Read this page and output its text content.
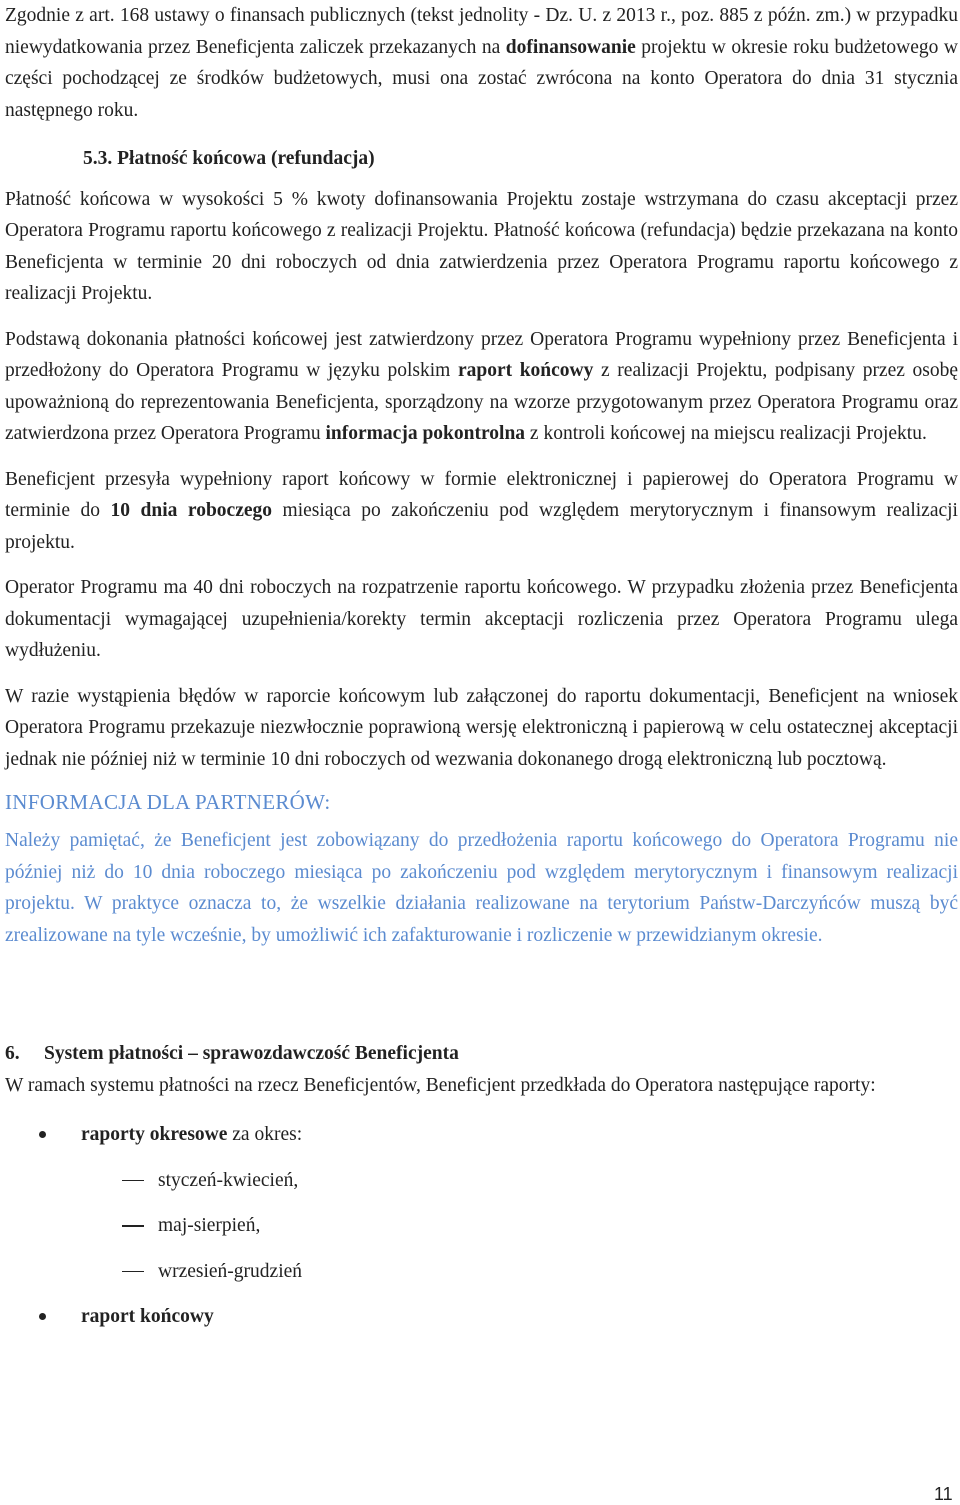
Zgodnie z art. 168 ustawy o finansach publicznych (tekst jednolity - Dz. U. z 2013 r., poz. 885 z późn. zm.) w przypadku niewydatkowania przez Beneficjenta zaliczek przekazanych na dofinansowanie projektu w okresie roku budżetowego w części pochodzącej ze środków budżetowych, musi ona zostać zwrócona na konto Operatora do dnia 31 stycznia następnego roku.

5.3. Płatność końcowa (refundacja)

Płatność końcowa w wysokości 5 % kwoty dofinansowania Projektu zostaje wstrzymana do czasu akceptacji przez Operatora Programu raportu końcowego z realizacji Projektu. Płatność końcowa (refundacja) będzie przekazana na konto Beneficjenta w terminie 20 dni roboczych od dnia zatwierdzenia przez Operatora Programu raportu końcowego z realizacji Projektu.

Podstawą dokonania płatności końcowej jest zatwierdzony przez Operatora Programu wypełniony przez Beneficjenta i przedłożony do Operatora Programu w języku polskim raport końcowy z realizacji Projektu, podpisany przez osobę upoważnioną do reprezentowania Beneficjenta, sporządzony na wzorze przygotowanym przez Operatora Programu oraz zatwierdzona przez Operatora Programu informacja pokontrolna z kontroli końcowej na miejscu realizacji Projektu.

Beneficjent przesyła wypełniony raport końcowy w formie elektronicznej i papierowej do Operatora Programu w terminie do 10 dnia roboczego miesiąca po zakończeniu pod względem merytorycznym i finansowym realizacji projektu.

Operator Programu ma 40 dni roboczych na rozpatrzenie raportu końcowego. W przypadku złożenia przez Beneficjenta dokumentacji wymagającej uzupełnienia/korekty termin akceptacji rozliczenia przez Operatora Programu ulega wydłużeniu.

W razie wystąpienia błędów w raporcie końcowym lub załączonej do raportu dokumentacji, Beneficjent na wniosek Operatora Programu przekazuje niezwłocznie poprawioną wersję elektroniczną i papierową w celu ostatecznej akceptacji jednak nie później niż w terminie 10 dni roboczych od wezwania dokonanego drogą elektroniczną lub pocztową.

INFORMACJA DLA PARTNERÓW:

Należy pamiętać, że Beneficjent jest zobowiązany do przedłożenia raportu końcowego do Operatora Programu nie później niż do 10 dnia roboczego miesiąca po zakończeniu pod względem merytorycznym i finansowym realizacji projektu. W praktyce oznacza to, że wszelkie działania realizowane na terytorium Państw-Darczyńców muszą być zrealizowane na tyle wcześnie, by umożliwić ich zafakturowanie i rozliczenie w przewidzianym okresie.

6. System płatności – sprawozdawczość Beneficjenta

W ramach systemu płatności na rzecz Beneficjentów, Beneficjent przedkłada do Operatora następujące raporty:

raporty okresowe za okres:
styczeń-kwiecień,
maj-sierpień,
wrzesień-grudzień
raport końcowy
11
